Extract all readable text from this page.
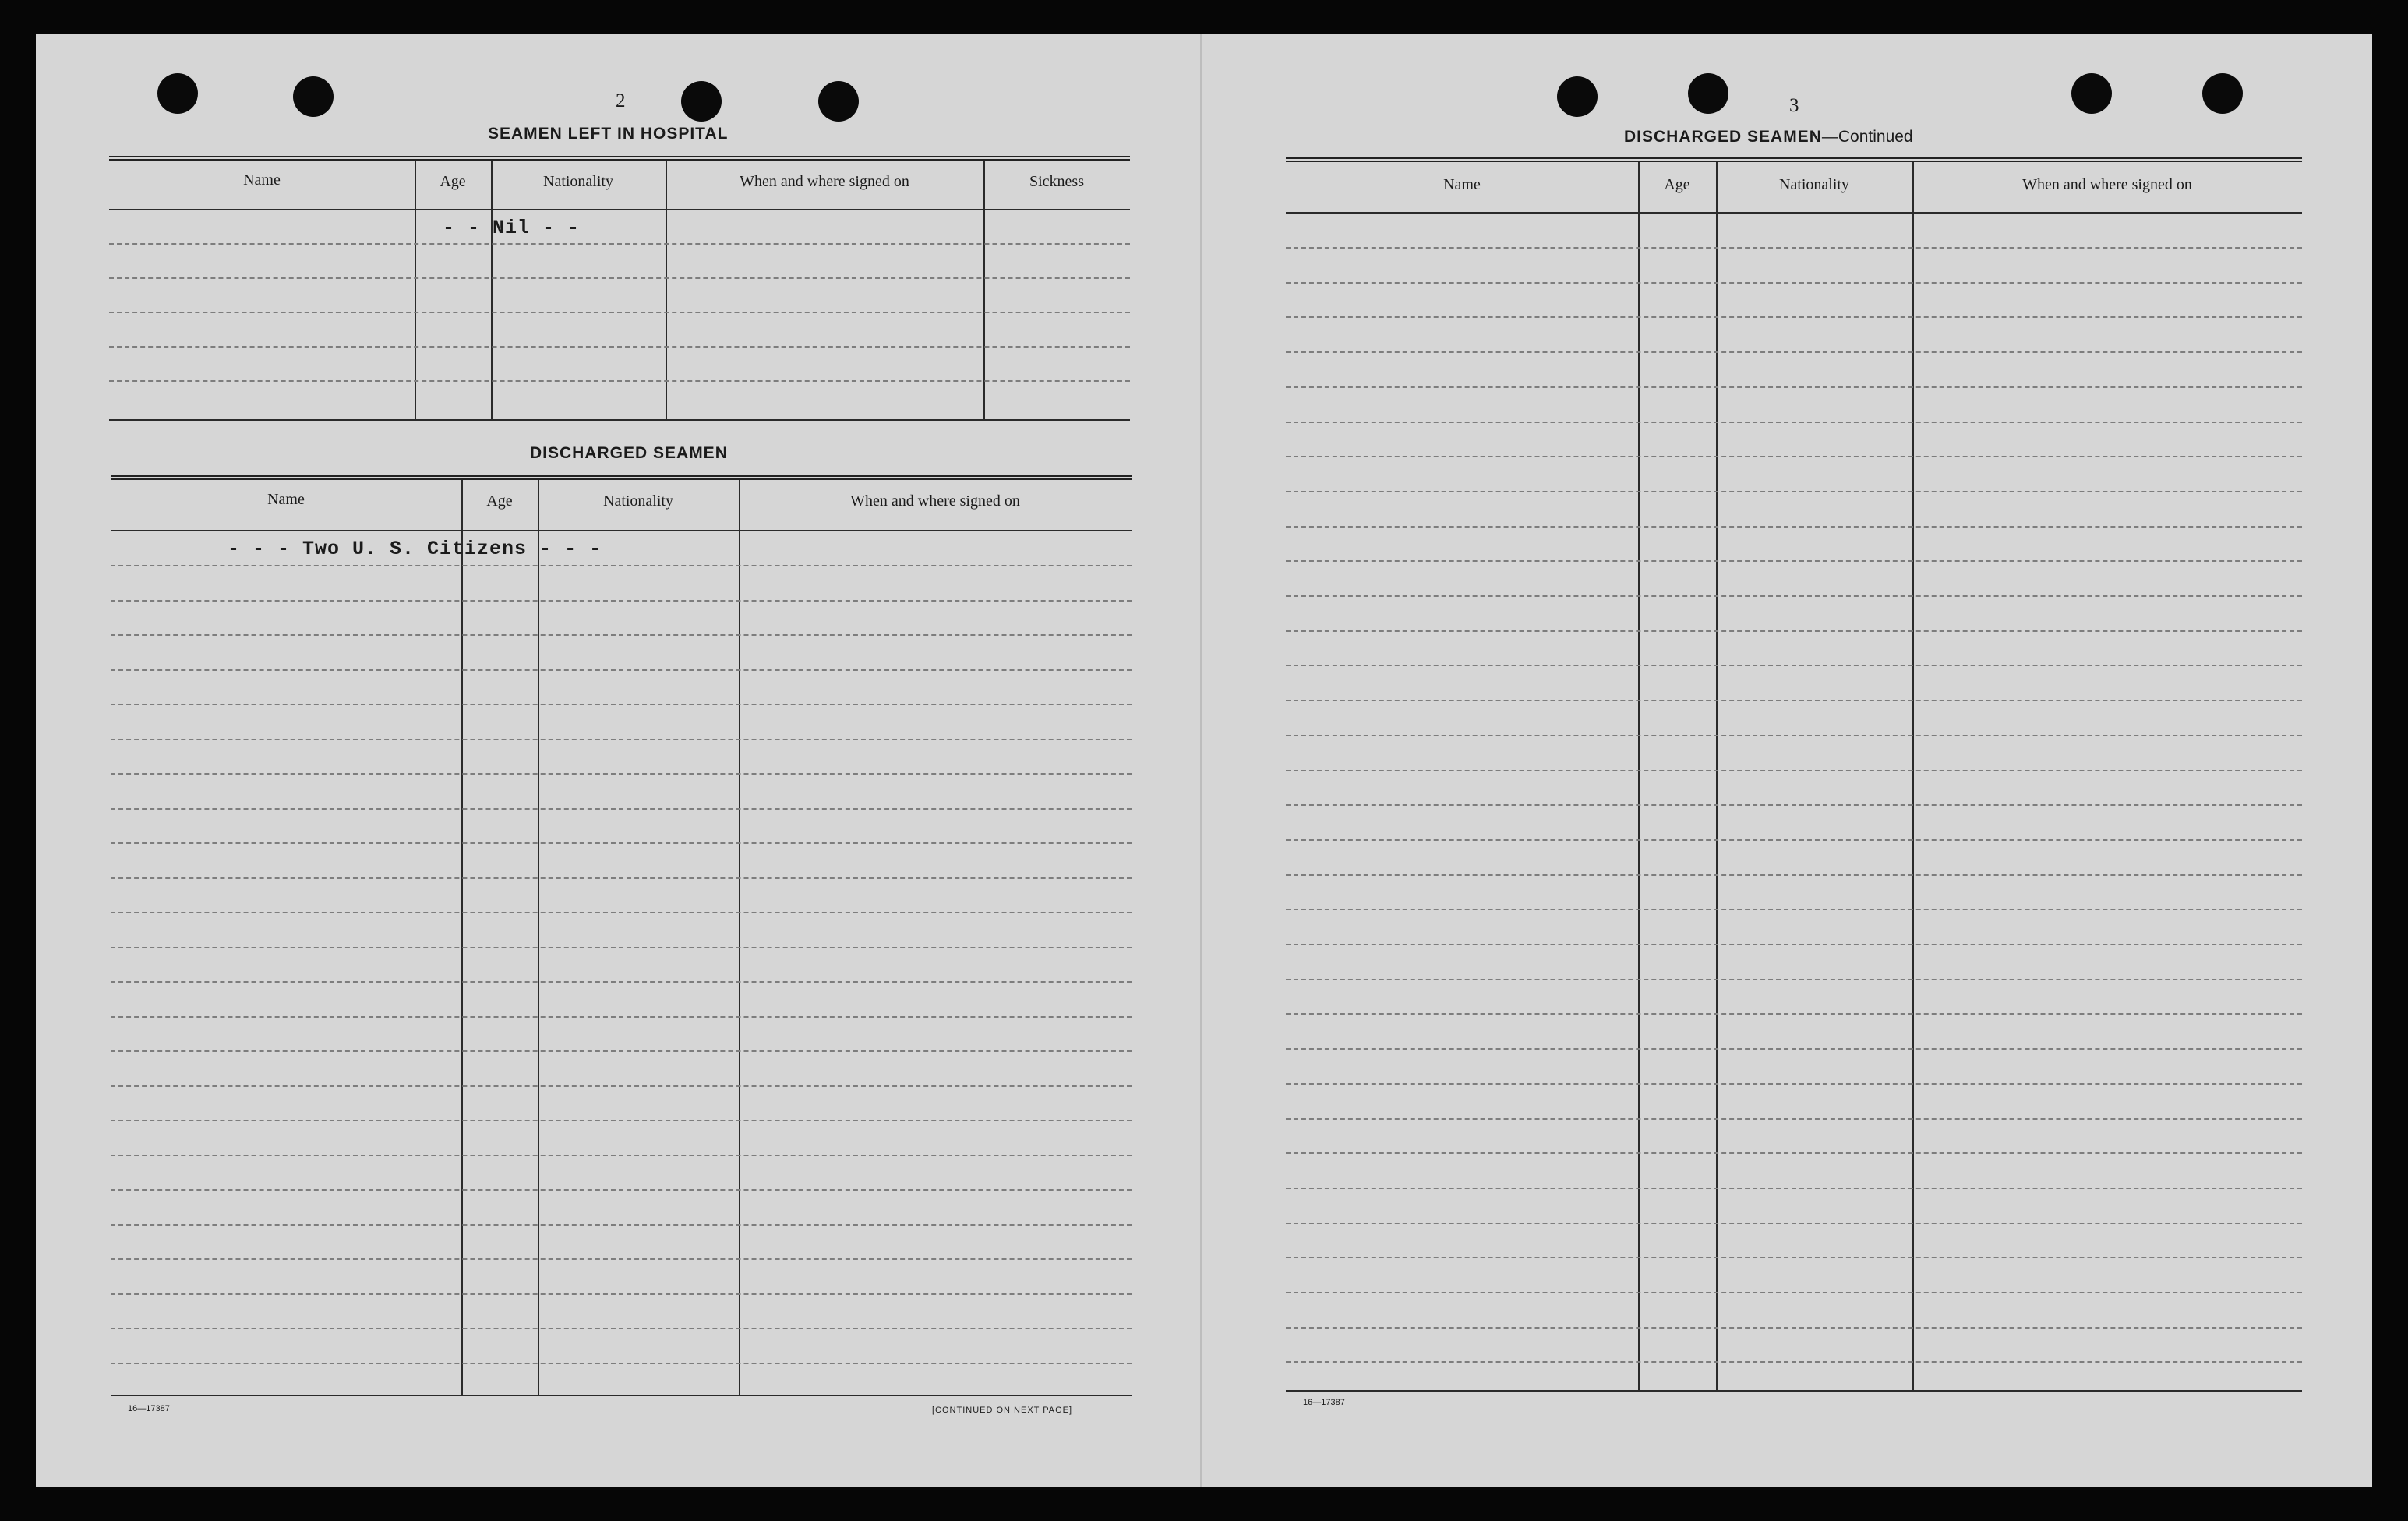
2
SEAMEN LEFT IN HOSPITAL
Name	Age	Nationality	When and where signed on	Sickness
- - Nil - -
DISCHARGED SEAMEN
Name	Age	Nationality	When and where signed on
- - - Two U. S. Citizens - - -
16—17387	[CONTINUED ON NEXT PAGE]
3
DISCHARGED SEAMEN—Continued
Name	Age	Nationality	When and where signed on
16—17387
